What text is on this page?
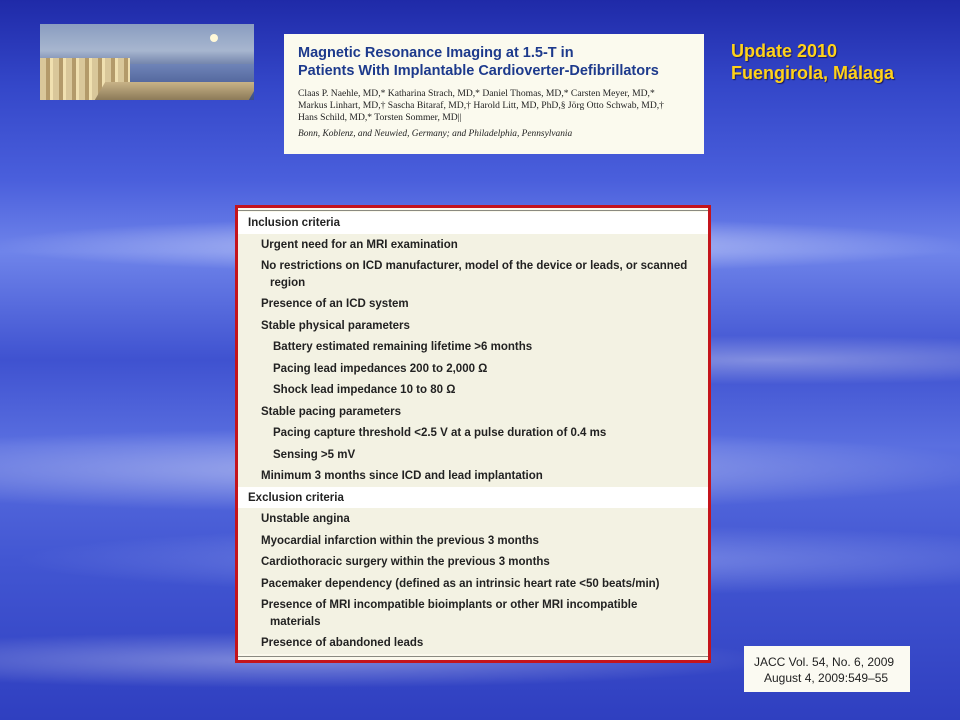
Magnetic Resonance Imaging at 1.5-T in
Patients With Implantable Cardioverter-Defibrillators
Claas P. Naehle, MD,* Katharina Strach, MD,* Daniel Thomas, MD,* Carsten Meyer, MD,*
Markus Linhart, MD,† Sascha Bitaraf, MD,† Harold Litt, MD, PhD,§ Jörg Otto Schwab, MD,†
Hans Schild, MD,* Torsten Sommer, MD||
Bonn, Koblenz, and Neuwied, Germany; and Philadelphia, Pennsylvania
Update 2010
Fuengirola, Málaga
Inclusion criteria
Urgent need for an MRI examination
No restrictions on ICD manufacturer, model of the device or leads, or scanned
region
Presence of an ICD system
Stable physical parameters
Battery estimated remaining lifetime >6 months
Pacing lead impedances 200 to 2,000 Ω
Shock lead impedance 10 to 80 Ω
Stable pacing parameters
Pacing capture threshold <2.5 V at a pulse duration of 0.4 ms
Sensing >5 mV
Minimum 3 months since ICD and lead implantation
Exclusion criteria
Unstable angina
Myocardial infarction within the previous 3 months
Cardiothoracic surgery within the previous 3 months
Pacemaker dependency (defined as an intrinsic heart rate <50 beats/min)
Presence of MRI incompatible bioimplants or other MRI incompatible
materials
Presence of abandoned leads
JACC Vol. 54, No. 6, 2009
August 4, 2009:549–55
